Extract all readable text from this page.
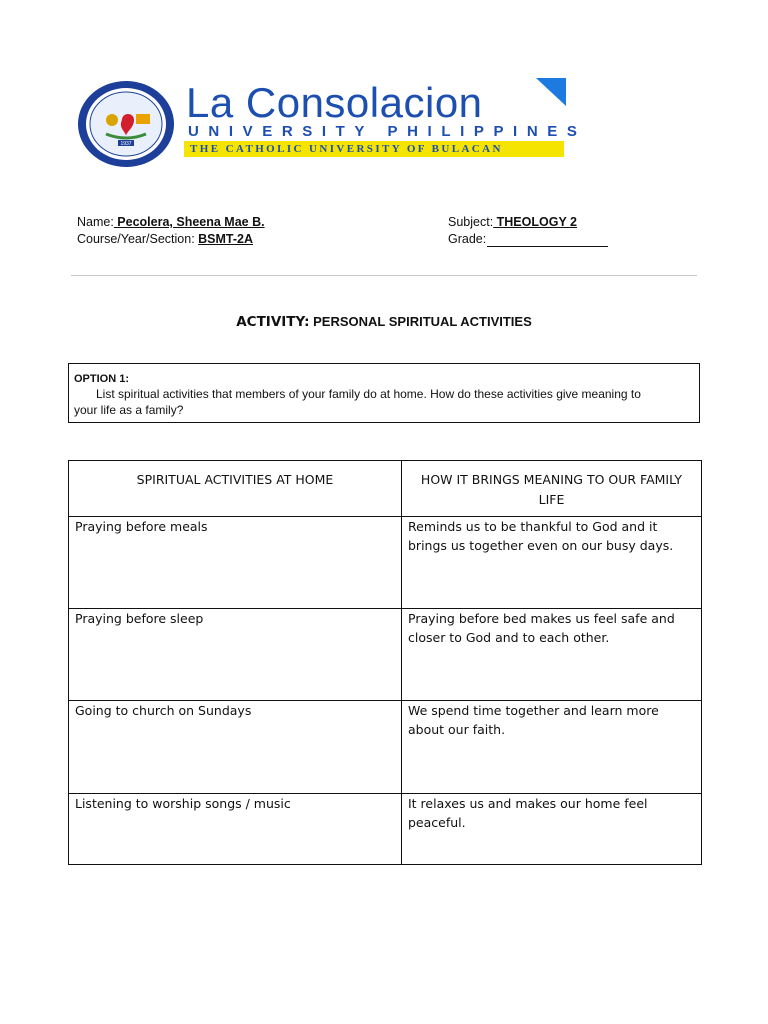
1937
La Consolacion
UNIVERSITY PHILIPPINES
THE CATHOLIC UNIVERSITY OF BULACAN
Name: Pecolera, Sheena Mae B.
Course/Year/Section: BSMT-2A
Subject: THEOLOGY 2
Grade:
ACTIVITY: PERSONAL SPIRITUAL ACTIVITIES
OPTION 1:
List spiritual activities that members of your family do at home. How do these activities give meaning to
your life as a family?
SPIRITUAL ACTIVITIES AT HOME	HOW IT BRINGS MEANING TO OUR FAMILY LIFE
Praying before meals	Reminds us to be thankful to God and it brings us together even on our busy days.
Praying before sleep	Praying before bed makes us feel safe and closer to God and to each other.
Going to church on Sundays	We spend time together and learn more about our faith.
Listening to worship songs / music	It relaxes us and makes our home feel peaceful.
